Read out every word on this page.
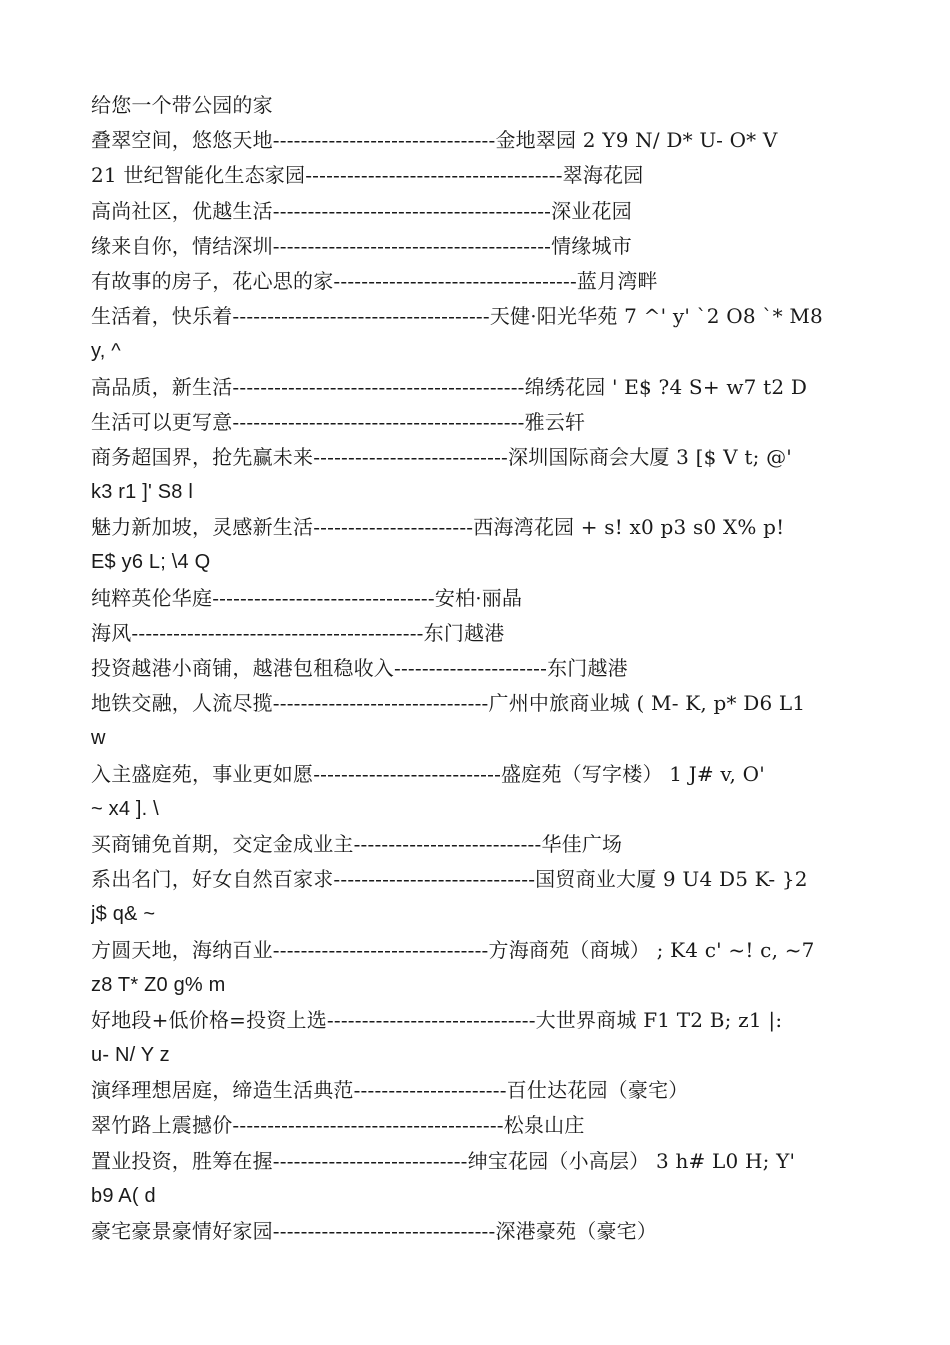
给您一个带公园的家
叠翠空间，悠悠天地--------------------------------金地翠园 2 Y9 N/ D* U- O* V
21 世纪智能化生态家园-------------------------------------翠海花园
高尚社区，优越生活----------------------------------------深业花园
缘来自你，情结深圳----------------------------------------情缘城市
有故事的房子，花心思的家-----------------------------------蓝月湾畔
生活着，快乐着-------------------------------------天健·阳光华苑 7 ^' y' `2 O8 `* M8
y, ^
高品质，新生活------------------------------------------绵绣花园 ' E$ ?4 S+ w7 t2 D
生活可以更写意------------------------------------------雅云轩
商务超国界，抢先赢未来----------------------------深圳国际商会大厦 3 [$ V t; @'
k3 r1 ]' S8 l
魅力新加坡，灵感新生活-----------------------西海湾花园 + s! x0 p3 s0 X% p!
E$ y6 L; \4 Q
纯粹英伦华庭--------------------------------安柏·丽晶
海风------------------------------------------东门越港
投资越港小商铺，越港包租稳收入----------------------东门越港
地铁交融，人流尽揽-------------------------------广州中旅商业城 ( M- K, p* D6 L1
w
入主盛庭苑，事业更如愿---------------------------盛庭苑（写字楼） 1 J# v, O'
~ x4 ]. \
买商铺免首期，交定金成业主---------------------------华佳广场
系出名门，好女自然百家求-----------------------------国贸商业大厦 9 U4 D5 K- }2
j$ q& ~
方圆天地，海纳百业-------------------------------方海商苑（商城） ; K4 c' ~! c, ~7
z8 T* Z0 g% m
好地段+低价格=投资上选------------------------------大世界商城 F1 T2 B; z1 |:
u- N/ Y z
演绎理想居庭，缔造生活典范----------------------百仕达花园（豪宅）
翠竹路上震撼价---------------------------------------松泉山庄
置业投资，胜筹在握----------------------------绅宝花园（小高层） 3 h# L0 H; Y'
b9 A( d
豪宅豪景豪情好家园--------------------------------深港豪苑（豪宅）
